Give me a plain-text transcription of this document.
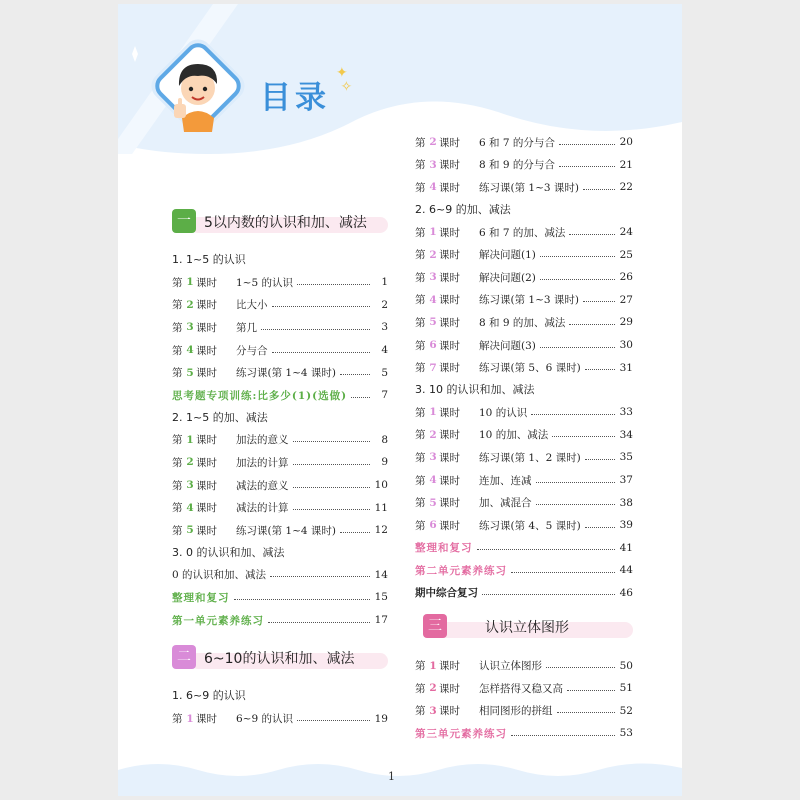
目录
✦
✧
一 5以内数的认识和加、减法
1. 1~5 的认识
第 1 课时	1~5 的认识	1
第 2 课时	比大小	2
第 3 课时	第几	3
第 4 课时	分与合	4
第 5 课时	练习课(第 1~4 课时)	5
思考题专项训练:比多少(1)(选做)	7
2. 1~5 的加、减法
第 1 课时	加法的意义	8
第 2 课时	加法的计算	9
第 3 课时	减法的意义	10
第 4 课时	减法的计算	11
第 5 课时	练习课(第 1~4 课时)	12
3. 0 的认识和加、减法
0 的认识和加、减法	14
整理和复习	15
第一单元素养练习	17
二 6~10的认识和加、减法
1. 6~9 的认识
第 1 课时	6~9 的认识	19
第 2 课时	6 和 7 的分与合	20
第 3 课时	8 和 9 的分与合	21
第 4 课时	练习课(第 1~3 课时)	22
2. 6~9 的加、减法
第 1 课时	6 和 7 的加、减法	24
第 2 课时	解决问题(1)	25
第 3 课时	解决问题(2)	26
第 4 课时	练习课(第 1~3 课时)	27
第 5 课时	8 和 9 的加、减法	29
第 6 课时	解决问题(3)	30
第 7 课时	练习课(第 5、6 课时)	31
3. 10 的认识和加、减法
第 1 课时	10 的认识	33
第 2 课时	10 的加、减法	34
第 3 课时	练习课(第 1、2 课时)	35
第 4 课时	连加、连减	37
第 5 课时	加、减混合	38
第 6 课时	练习课(第 4、5 课时)	39
整理和复习	41
第二单元素养练习	44
期中综合复习	46
三	认识立体图形
第 1 课时	认识立体图形	50
第 2 课时	怎样搭得又稳又高	51
第 3 课时	相同图形的拼组	52
第三单元素养练习	53
1
